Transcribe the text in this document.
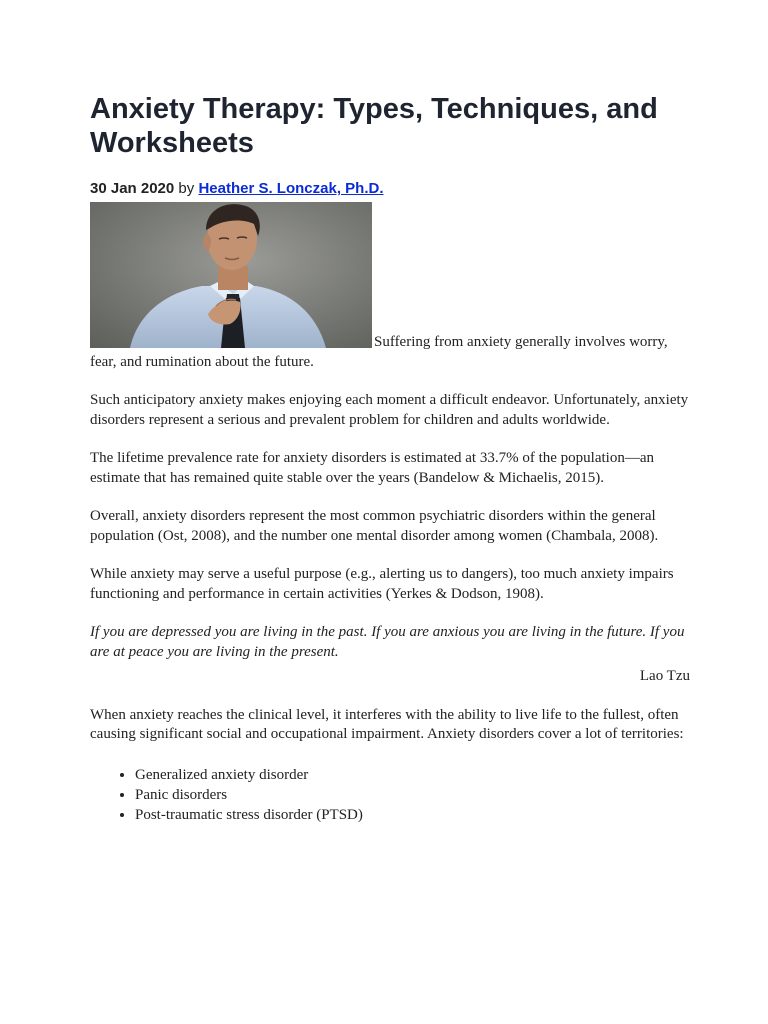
Anxiety Therapy: Types, Techniques, and Worksheets
30 Jan 2020 by Heather S. Lonczak, Ph.D.
Suffering from anxiety generally involves worry, fear, and rumination about the future.

Such anticipatory anxiety makes enjoying each moment a difficult endeavor. Unfortunately, anxiety disorders represent a serious and prevalent problem for children and adults worldwide.

The lifetime prevalence rate for anxiety disorders is estimated at 33.7% of the population—an estimate that has remained quite stable over the years (Bandelow & Michaelis, 2015).

Overall, anxiety disorders represent the most common psychiatric disorders within the general population (Ost, 2008), and the number one mental disorder among women (Chambala, 2008).

While anxiety may serve a useful purpose (e.g., alerting us to dangers), too much anxiety impairs functioning and performance in certain activities (Yerkes & Dodson, 1908).

If you are depressed you are living in the past. If you are anxious you are living in the future. If you are at peace you are living in the present.

Lao Tzu

When anxiety reaches the clinical level, it interferes with the ability to live life to the fullest, often causing significant social and occupational impairment. Anxiety disorders cover a lot of territories:

• Generalized anxiety disorder
• Panic disorders
• Post-traumatic stress disorder (PTSD)
